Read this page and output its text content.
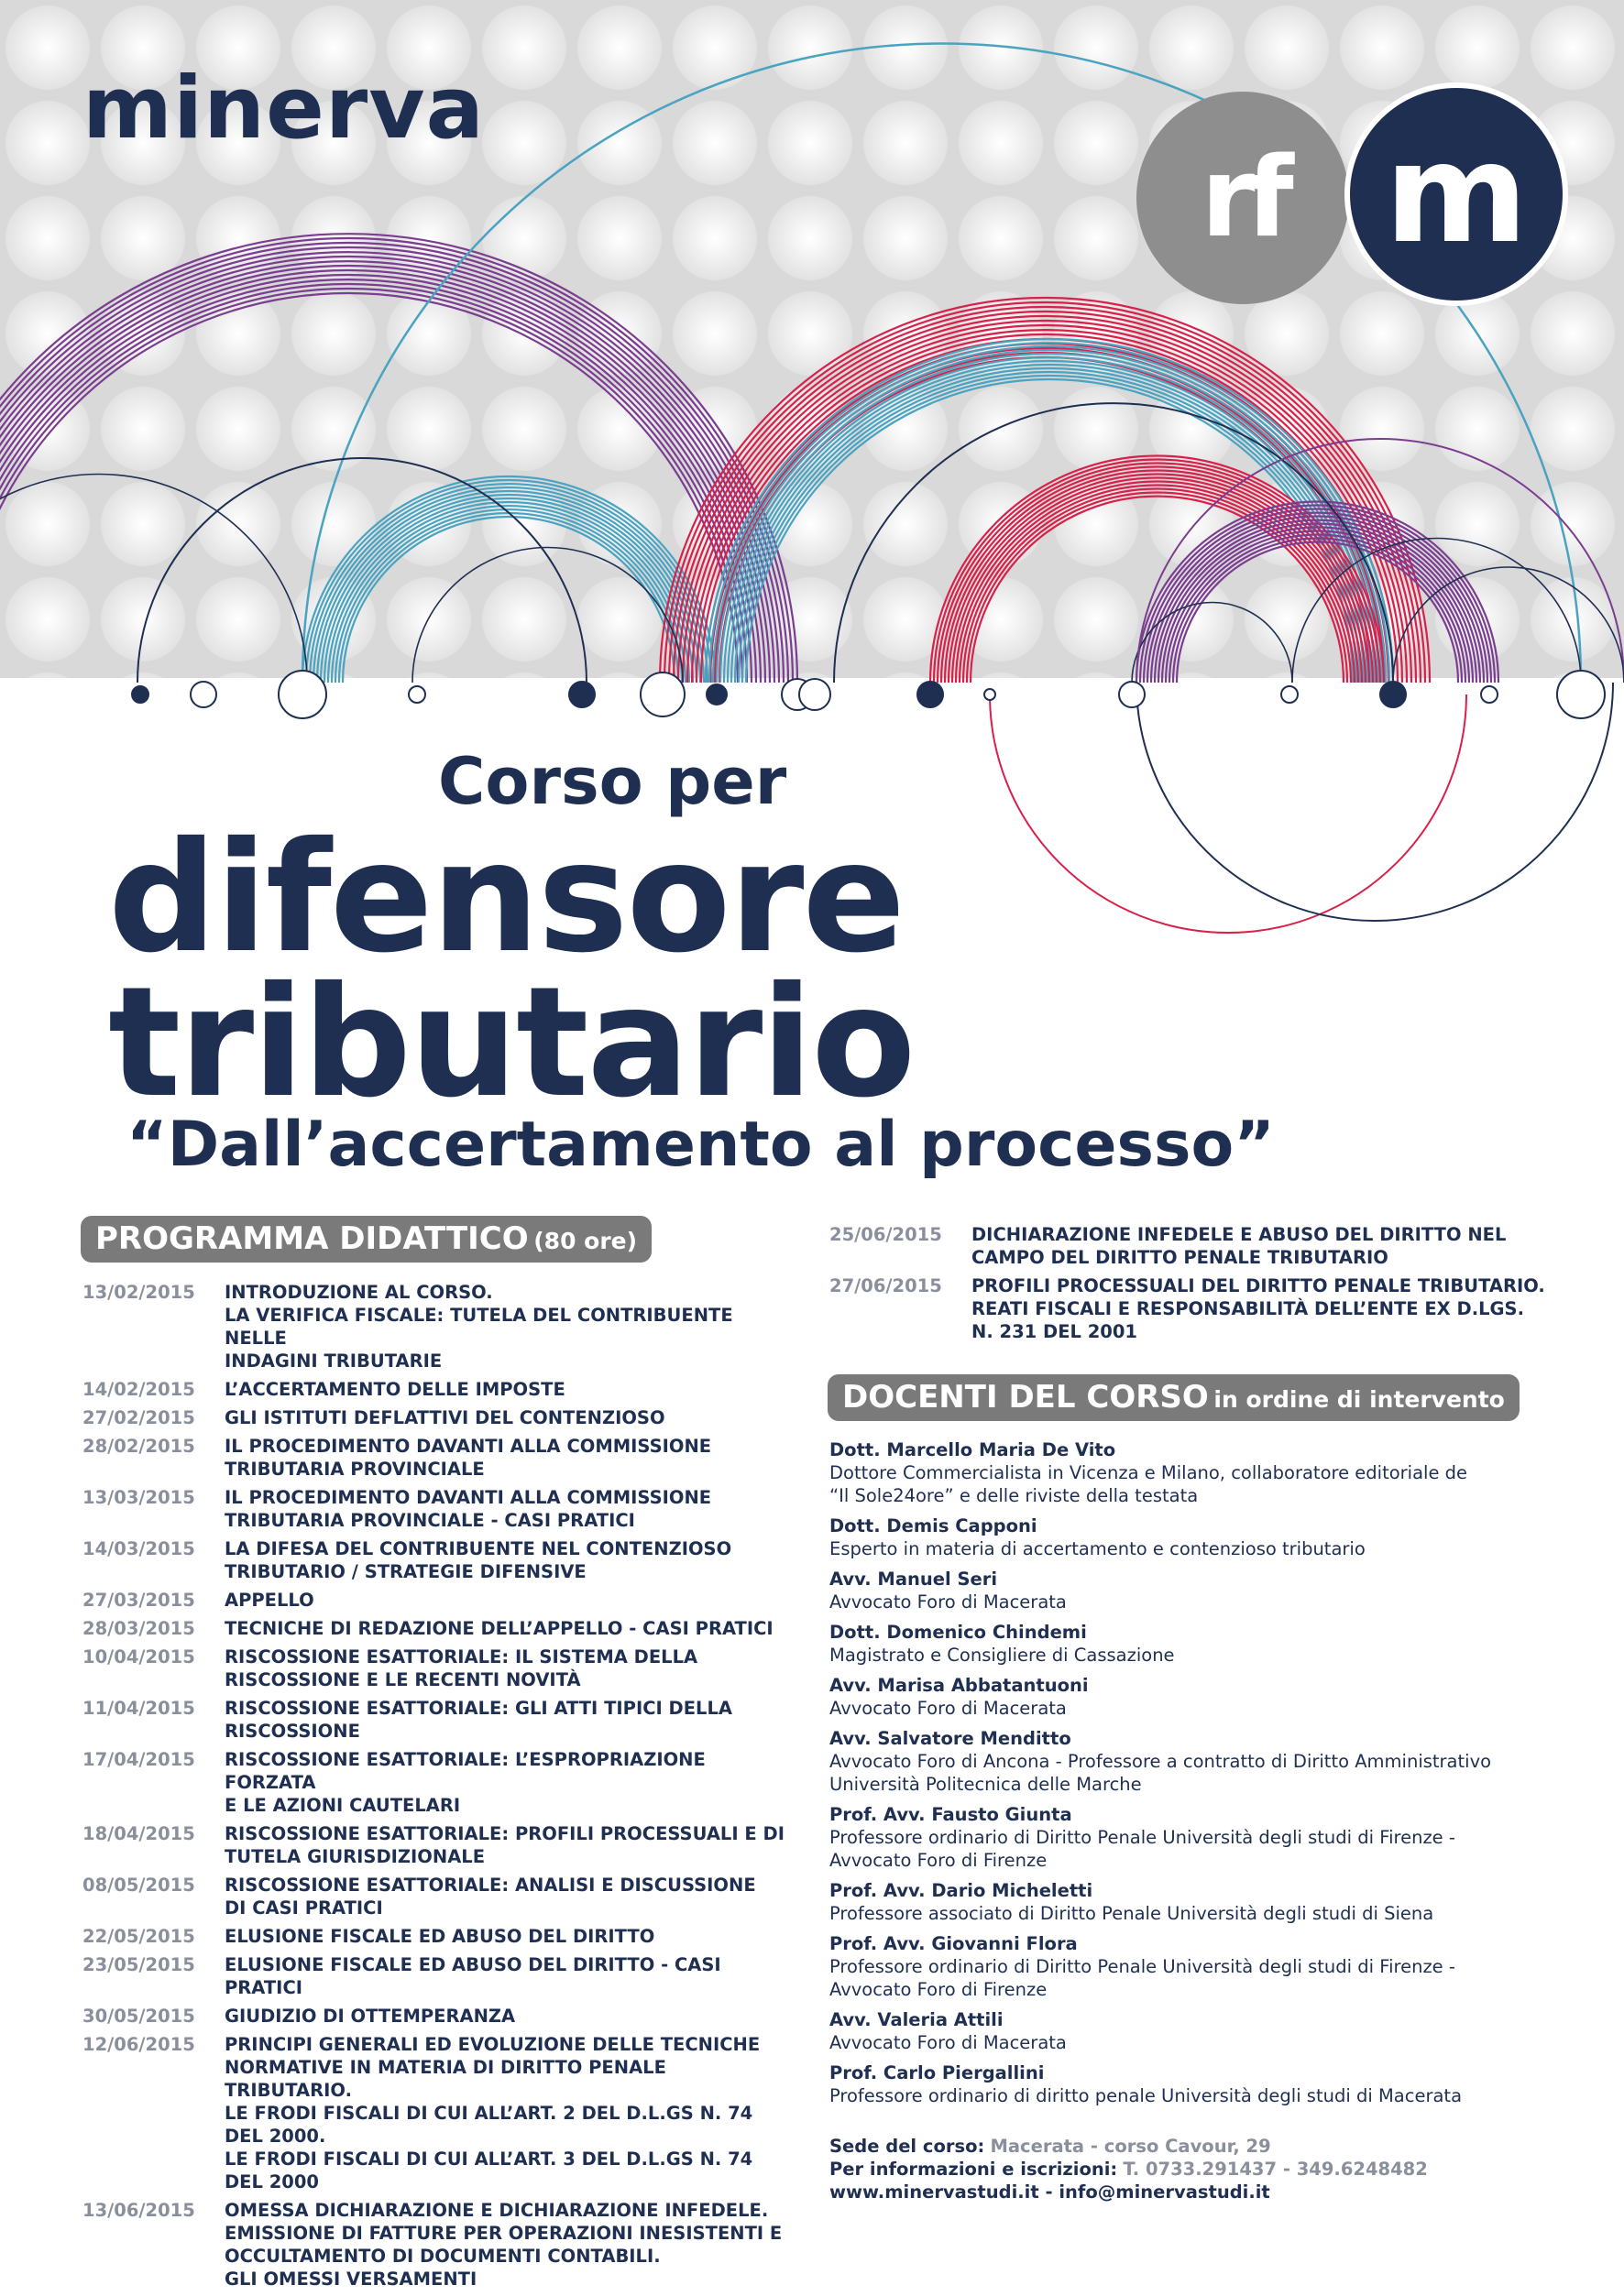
minerva
rf m
Corso per
difensore
tributario
“Dall’accertamento al processo”
PROGRAMMA DIDATTICO (80 ore)
13/02/2015	INTRODUZIONE AL CORSO.
LA VERIFICA FISCALE: TUTELA DEL CONTRIBUENTE NELLE
INDAGINI TRIBUTARIE
14/02/2015	L’ACCERTAMENTO DELLE IMPOSTE
27/02/2015	GLI ISTITUTI DEFLATTIVI DEL CONTENZIOSO
28/02/2015	IL PROCEDIMENTO DAVANTI ALLA COMMISSIONE
TRIBUTARIA PROVINCIALE
13/03/2015	IL PROCEDIMENTO DAVANTI ALLA COMMISSIONE
TRIBUTARIA PROVINCIALE - CASI PRATICI
14/03/2015	LA DIFESA DEL CONTRIBUENTE NEL CONTENZIOSO
TRIBUTARIO / STRATEGIE DIFENSIVE
27/03/2015	APPELLO
28/03/2015	TECNICHE DI REDAZIONE DELL’APPELLO - CASI PRATICI
10/04/2015	RISCOSSIONE ESATTORIALE: IL SISTEMA DELLA
RISCOSSIONE E LE RECENTI NOVITÀ
11/04/2015	RISCOSSIONE ESATTORIALE: GLI ATTI TIPICI DELLA
RISCOSSIONE
17/04/2015	RISCOSSIONE ESATTORIALE: L’ESPROPRIAZIONE FORZATA
E LE AZIONI CAUTELARI
18/04/2015	RISCOSSIONE ESATTORIALE: PROFILI PROCESSUALI E DI
TUTELA GIURISDIZIONALE
08/05/2015	RISCOSSIONE ESATTORIALE: ANALISI E DISCUSSIONE
DI CASI PRATICI
22/05/2015	ELUSIONE FISCALE ED ABUSO DEL DIRITTO
23/05/2015	ELUSIONE FISCALE ED ABUSO DEL DIRITTO - CASI PRATICI
30/05/2015	GIUDIZIO DI OTTEMPERANZA
12/06/2015	PRINCIPI GENERALI ED EVOLUZIONE DELLE TECNICHE
NORMATIVE IN MATERIA DI DIRITTO PENALE TRIBUTARIO.
LE FRODI FISCALI DI CUI ALL’ART. 2 DEL D.L.GS N. 74
DEL 2000.
LE FRODI FISCALI DI CUI ALL’ART. 3 DEL D.L.GS N. 74
DEL 2000
13/06/2015	OMESSA DICHIARAZIONE E DICHIARAZIONE INFEDELE.
EMISSIONE DI FATTURE PER OPERAZIONI INESISTENTI E
OCCULTAMENTO DI DOCUMENTI CONTABILI.
GLI OMESSI VERSAMENTI
25/06/2015	DICHIARAZIONE INFEDELE E ABUSO DEL DIRITTO NEL
CAMPO DEL DIRITTO PENALE TRIBUTARIO
27/06/2015	PROFILI PROCESSUALI DEL DIRITTO PENALE TRIBUTARIO.
REATI FISCALI E RESPONSABILITÀ DELL’ENTE EX D.LGS.
N. 231 DEL 2001
DOCENTI DEL CORSO in ordine di intervento
Dott. Marcello Maria De Vito
Dottore Commercialista in Vicenza e Milano, collaboratore editoriale de
“Il Sole24ore” e delle riviste della testata
Dott. Demis Capponi
Esperto in materia di accertamento e contenzioso tributario
Avv. Manuel Seri
Avvocato Foro di Macerata
Dott. Domenico Chindemi
Magistrato e Consigliere di Cassazione
Avv. Marisa Abbatantuoni
Avvocato Foro di Macerata
Avv. Salvatore Menditto
Avvocato Foro di Ancona - Professore a contratto di Diritto Amministrativo
Università Politecnica delle Marche
Prof. Avv. Fausto Giunta
Professore ordinario di Diritto Penale Università degli studi di Firenze -
Avvocato Foro di Firenze
Prof. Avv. Dario Micheletti
Professore associato di Diritto Penale Università degli studi di Siena
Prof. Avv. Giovanni Flora
Professore ordinario di Diritto Penale Università degli studi di Firenze -
Avvocato Foro di Firenze
Avv. Valeria Attili
Avvocato Foro di Macerata
Prof. Carlo Piergallini
Professore ordinario di diritto penale Università degli studi di Macerata
Sede del corso: Macerata - corso Cavour, 29
Per informazioni e iscrizioni: T. 0733.291437 - 349.6248482
www.minervastudi.it - info@minervastudi.it
